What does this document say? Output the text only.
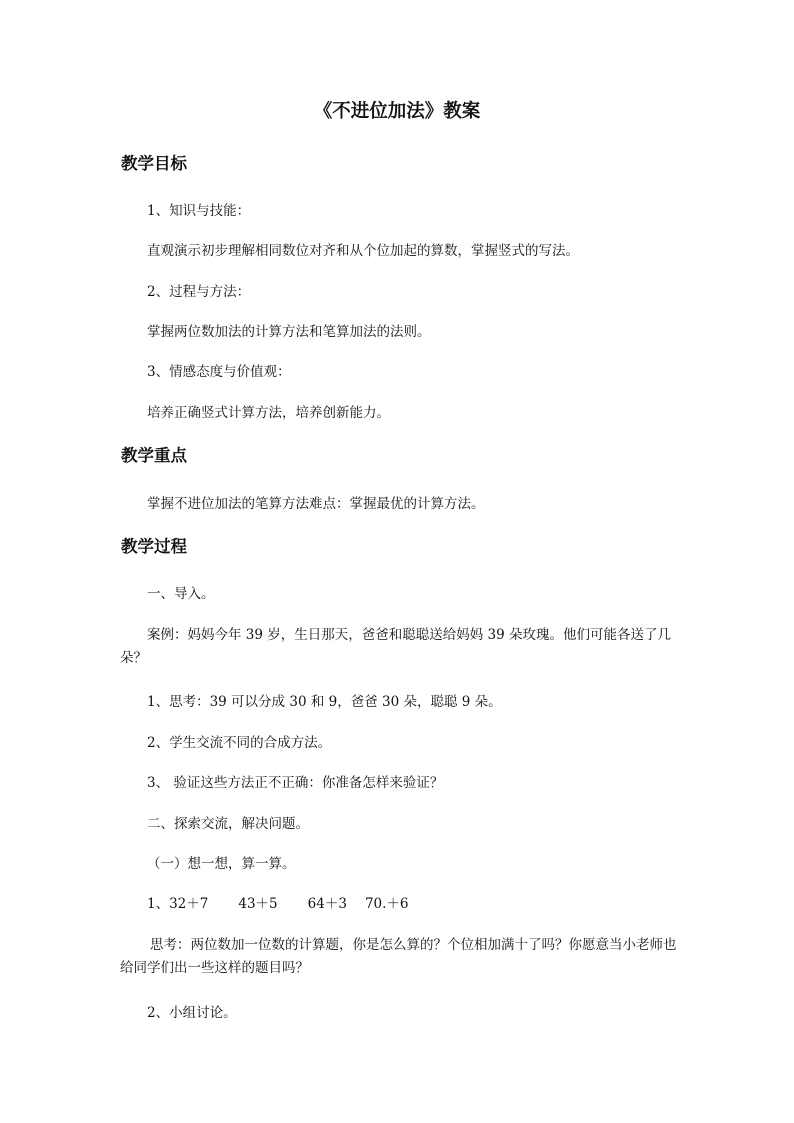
《不进位加法》教案
教学目标
1、知识与技能：
直观演示初步理解相同数位对齐和从个位加起的算数，掌握竖式的写法。
2、过程与方法：
掌握两位数加法的计算方法和笔算加法的法则。
3、情感态度与价值观：
培养正确竖式计算方法，培养创新能力。
教学重点
掌握不进位加法的笔算方法难点：掌握最优的计算方法。
教学过程
一、导入。
案例：妈妈今年 39 岁，生日那天，爸爸和聪聪送给妈妈 39 朵玫瑰。他们可能各送了几朵？
1、思考：39 可以分成 30 和 9，爸爸 30 朵，聪聪 9 朵。
2、学生交流不同的合成方法。
3、 验证这些方法正不正确：你准备怎样来验证？
二、探索交流，解决问题。
（一）想一想，算一算。
1、32＋7 43＋5 64＋3 70.＋6
思考：两位数加一位数的计算题，你是怎么算的？个位相加满十了吗？你愿意当小老师也给同学们出一些这样的题目吗？
2、小组讨论。
